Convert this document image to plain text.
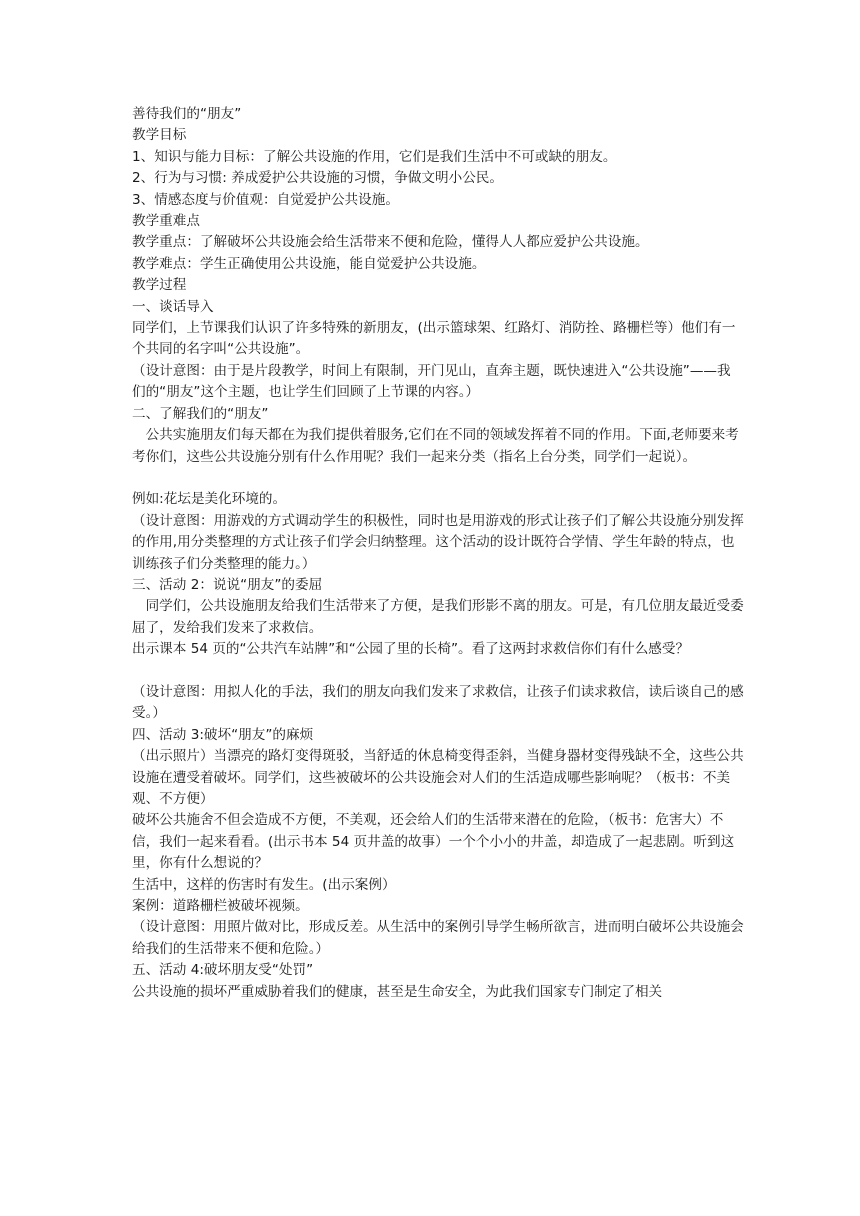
善待我们的“朋友”

教学目标

1、知识与能力目标：了解公共设施的作用，它们是我们生活中不可或缺的朋友。

2、行为与习惯: 养成爱护公共设施的习惯，争做文明小公民。

3、情感态度与价值观：自觉爱护公共设施。

教学重难点

教学重点：了解破坏公共设施会给生活带来不便和危险，懂得人人都应爱护公共设施。

教学难点：学生正确使用公共设施，能自觉爱护公共设施。

教学过程

一、谈话导入

同学们，上节课我们认识了许多特殊的新朋友，(出示篮球架、红路灯、消防拴、路栅栏等）他们有一个共同的名字叫“公共设施”。

（设计意图：由于是片段教学，时间上有限制，开门见山，直奔主题，既快速进入“公共设施”——我们的“朋友”这个主题，也让学生们回顾了上节课的内容。）

二、了解我们的“朋友”

　公共实施朋友们每天都在为我们提供着服务,它们在不同的领域发挥着不同的作用。下面,老师要来考考你们，这些公共设施分别有什么作用呢？我们一起来分类（指名上台分类，同学们一起说）。

例如:花坛是美化环境的。

（设计意图：用游戏的方式调动学生的积极性，同时也是用游戏的形式让孩子们了解公共设施分别发挥的作用,用分类整理的方式让孩子们学会归纳整理。这个活动的设计既符合学情、学生年龄的特点，也训练孩子们分类整理的能力。）

三、活动 2：说说“朋友”的委屈

　同学们，公共设施朋友给我们生活带来了方便，是我们形影不离的朋友。可是，有几位朋友最近受委屈了，发给我们发来了求救信。

出示课本 54 页的“公共汽车站牌”和“公园了里的长椅”。看了这两封求救信你们有什么感受？

（设计意图：用拟人化的手法，我们的朋友向我们发来了求救信，让孩子们读求救信，读后谈自己的感受。）

四、活动 3:破坏“朋友”的麻烦

（出示照片）当漂亮的路灯变得斑驳，当舒适的休息椅变得歪斜，当健身器材变得残缺不全，这些公共设施在遭受着破坏。同学们，这些被破坏的公共设施会对人们的生活造成哪些影响呢？（板书：不美观、不方便）

破坏公共施舍不但会造成不方便，不美观，还会给人们的生活带来潜在的危险，（板书：危害大）不信，我们一起来看看。(出示书本 54 页井盖的故事）一个个小小的井盖，却造成了一起悲剧。听到这里，你有什么想说的？

生活中，这样的伤害时有发生。(出示案例）

案例：道路栅栏被破坏视频。

（设计意图：用照片做对比，形成反差。从生活中的案例引导学生畅所欲言，进而明白破坏公共设施会给我们的生活带来不便和危险。）

五、活动 4:破坏朋友受“处罚”

公共设施的损坏严重威胁着我们的健康，甚至是生命安全，为此我们国家专门制定了相关
